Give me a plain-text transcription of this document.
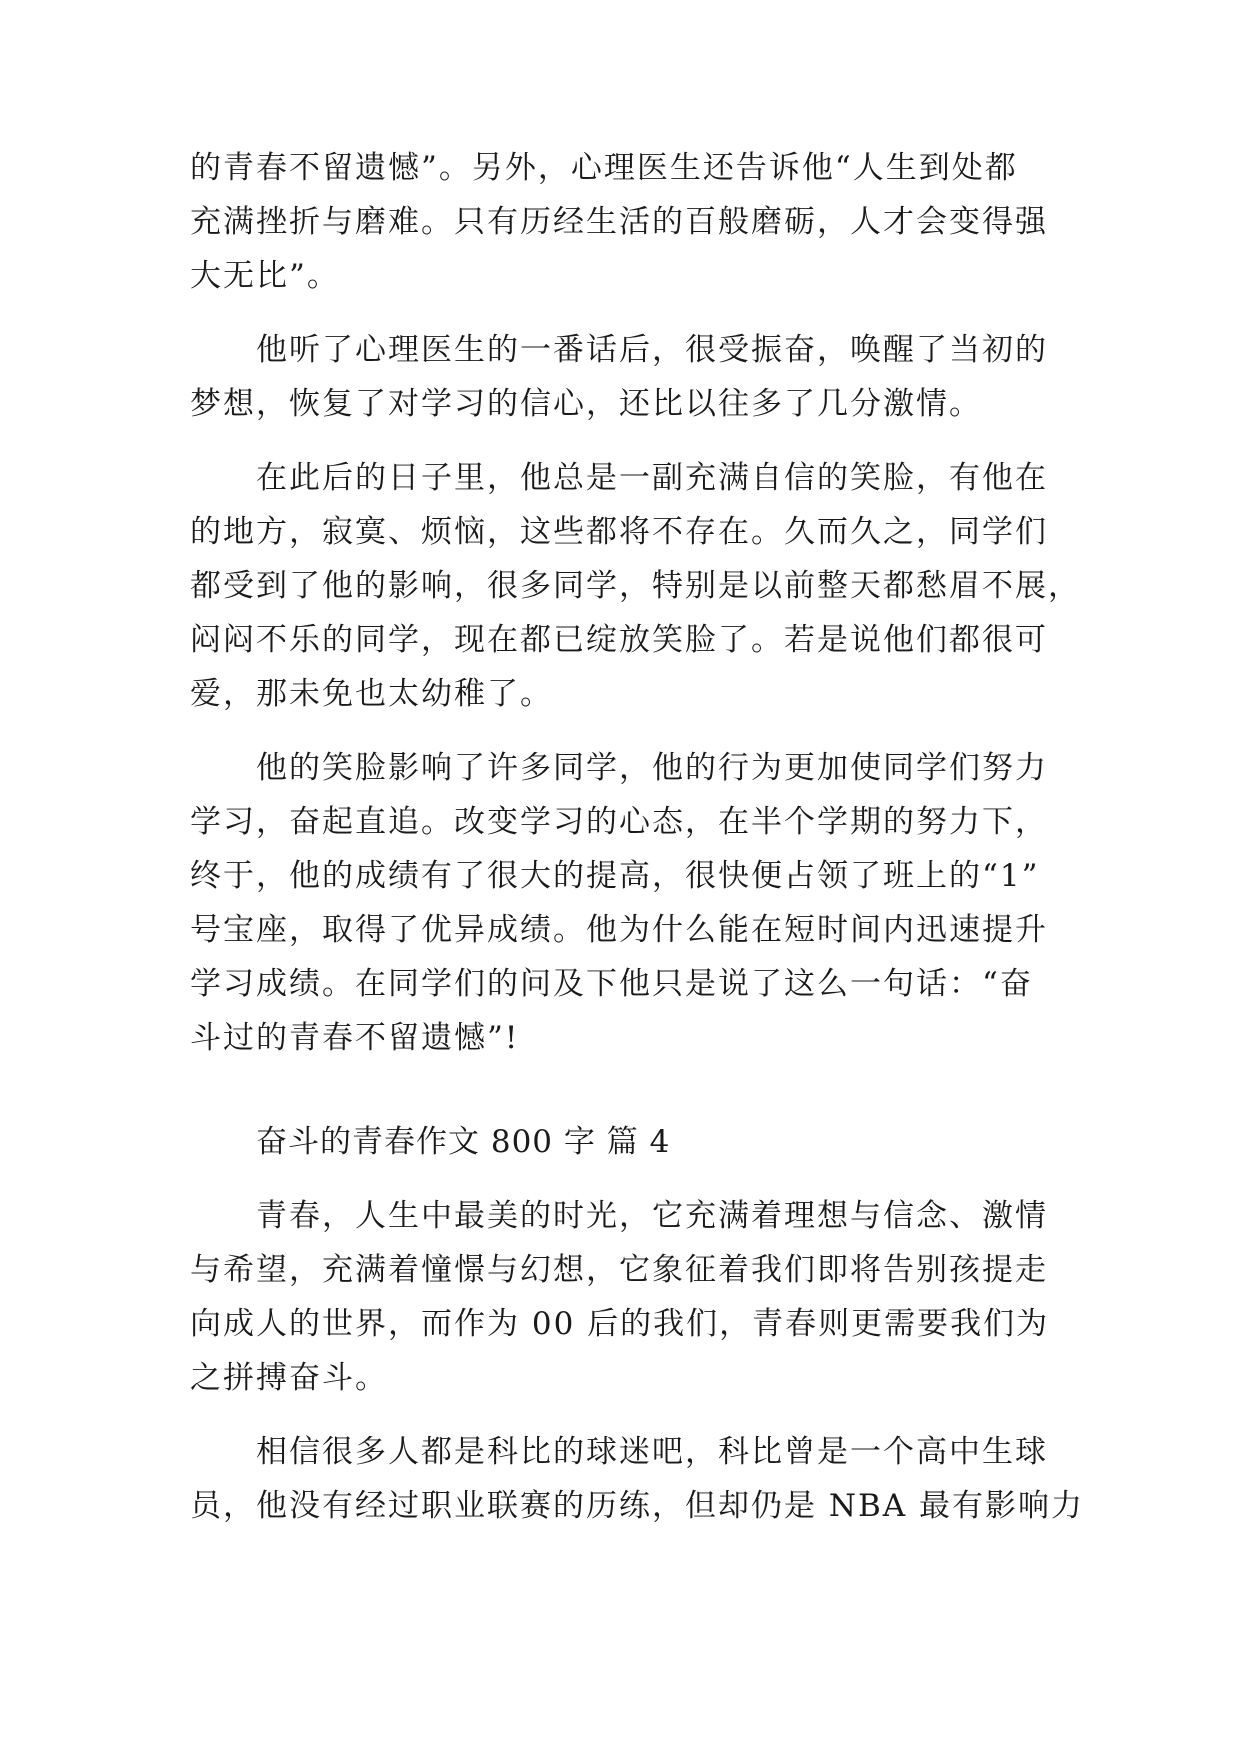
的青春不留遗憾”。另外，心理医生还告诉他“人生到处都
充满挫折与磨难。只有历经生活的百般磨砺，人才会变得强
大无比”。
他听了心理医生的一番话后，很受振奋，唤醒了当初的
梦想，恢复了对学习的信心，还比以往多了几分激情。
在此后的日子里，他总是一副充满自信的笑脸，有他在
的地方，寂寞、烦恼，这些都将不存在。久而久之，同学们
都受到了他的影响，很多同学，特别是以前整天都愁眉不展，
闷闷不乐的同学，现在都已绽放笑脸了。若是说他们都很可
爱，那未免也太幼稚了。
他的笑脸影响了许多同学，他的行为更加使同学们努力
学习，奋起直追。改变学习的心态，在半个学期的努力下，
终于，他的成绩有了很大的提高，很快便占领了班上的“1”
号宝座，取得了优异成绩。他为什么能在短时间内迅速提升
学习成绩。在同学们的问及下他只是说了这么一句话：“奋
斗过的青春不留遗憾”!
奋斗的青春作文 800 字 篇 4
青春，人生中最美的时光，它充满着理想与信念、激情
与希望，充满着憧憬与幻想，它象征着我们即将告别孩提走
向成人的世界，而作为 00 后的我们，青春则更需要我们为
之拼搏奋斗。
相信很多人都是科比的球迷吧，科比曾是一个高中生球
员，他没有经过职业联赛的历练，但却仍是 NBA 最有影响力
